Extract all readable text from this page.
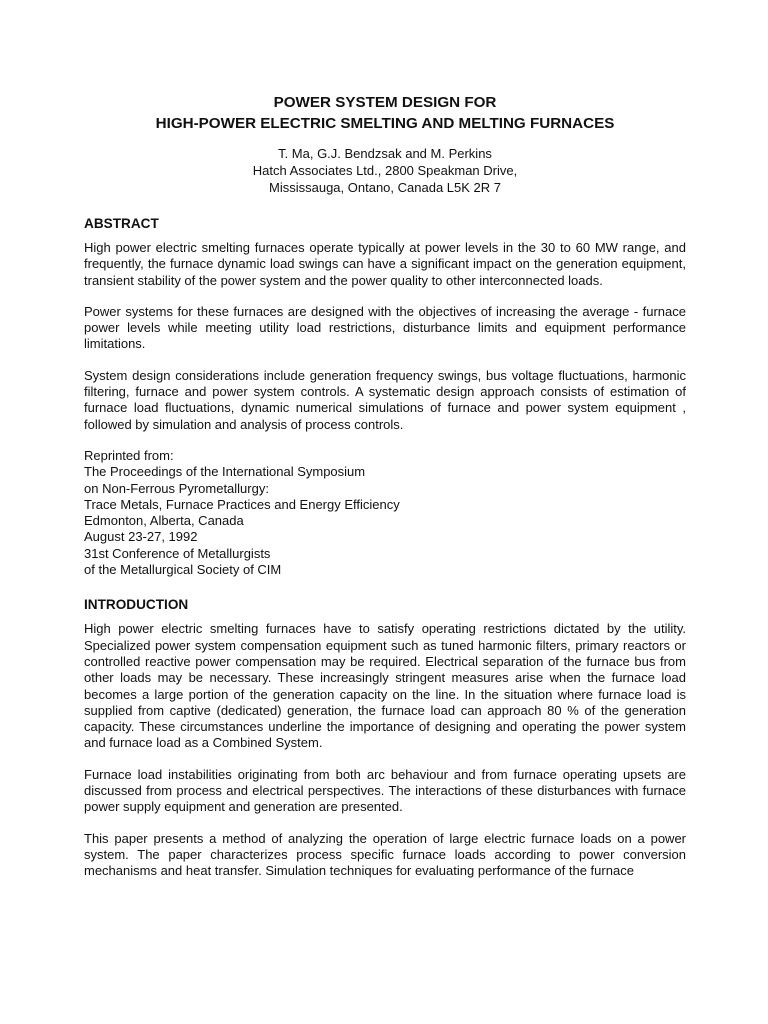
POWER SYSTEM DESIGN FOR
HIGH-POWER ELECTRIC SMELTING AND MELTING FURNACES
T. Ma, G.J. Bendzsak and M. Perkins
Hatch Associates Ltd., 2800 Speakman Drive,
Mississauga, Ontano, Canada L5K 2R 7
ABSTRACT

High power electric smelting furnaces operate typically at power levels in the 30 to 60 MW range, and frequently, the furnace dynamic load swings can have a significant impact on the generation equipment, transient stability of the power system and the power quality to other interconnected loads.

Power systems for these furnaces are designed with the objectives of increasing the average - furnace power levels while meeting utility load restrictions, disturbance limits and equipment performance limitations.

System design considerations include generation frequency swings, bus voltage fluctuations, harmonic filtering, furnace and power system controls. A systematic design approach consists of estimation of furnace load fluctuations, dynamic numerical simulations of furnace and power system equipment , followed by simulation and analysis of process controls.

Reprinted from:
The Proceedings of the International Symposium
on Non-Ferrous Pyrometallurgy:
Trace Metals, Furnace Practices and Energy Efficiency
Edmonton, Alberta, Canada
August 23-27, 1992
31st Conference of Metallurgists
of the Metallurgical Society of CIM
INTRODUCTION

High power electric smelting furnaces have to satisfy operating restrictions dictated by the utility. Specialized power system compensation equipment such as tuned harmonic filters, primary reactors or controlled reactive power compensation may be required. Electrical separation of the furnace bus from other loads may be necessary. These increasingly stringent measures arise when the furnace load becomes a large portion of the generation capacity on the line. In the situation where furnace load is supplied from captive (dedicated) generation, the furnace load can approach 80 % of the generation capacity. These circumstances underline the importance of designing and operating the power system and furnace load as a Combined System.

Furnace load instabilities originating from both arc behaviour and from furnace operating upsets are discussed from process and electrical perspectives. The interactions of these disturbances with furnace power supply equipment and generation are presented.

This paper presents a method of analyzing the operation of large electric furnace loads on a power system. The paper characterizes process specific furnace loads according to power conversion mechanisms and heat transfer. Simulation techniques for evaluating performance of the furnace
